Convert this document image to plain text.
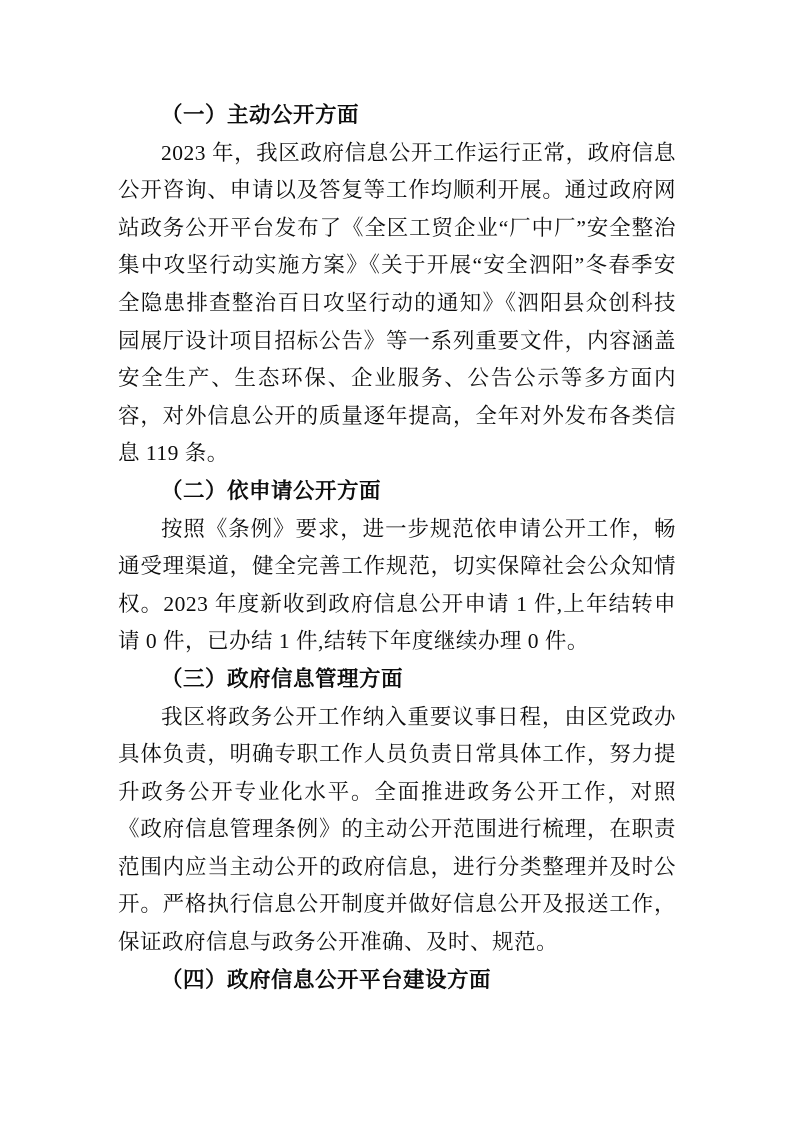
（一）主动公开方面

2023 年，我区政府信息公开工作运行正常，政府信息公开咨询、申请以及答复等工作均顺利开展。通过政府网站政务公开平台发布了《全区工贸企业“厂中厂”安全整治集中攻坚行动实施方案》《关于开展“安全泗阳”冬春季安全隐患排查整治百日攻坚行动的通知》《泗阳县众创科技园展厅设计项目招标公告》等一系列重要文件，内容涵盖安全生产、生态环保、企业服务、公告公示等多方面内容，对外信息公开的质量逐年提高，全年对外发布各类信息 119 条。

（二）依申请公开方面

按照《条例》要求，进一步规范依申请公开工作，畅通受理渠道，健全完善工作规范，切实保障社会公众知情权。2023 年度新收到政府信息公开申请 1 件,上年结转申请 0 件，已办结 1 件,结转下年度继续办理 0 件。

（三）政府信息管理方面

我区将政务公开工作纳入重要议事日程，由区党政办具体负责，明确专职工作人员负责日常具体工作，努力提升政务公开专业化水平。全面推进政务公开工作，对照《政府信息管理条例》的主动公开范围进行梳理，在职责范围内应当主动公开的政府信息，进行分类整理并及时公开。严格执行信息公开制度并做好信息公开及报送工作，保证政府信息与政务公开准确、及时、规范。

（四）政府信息公开平台建设方面
